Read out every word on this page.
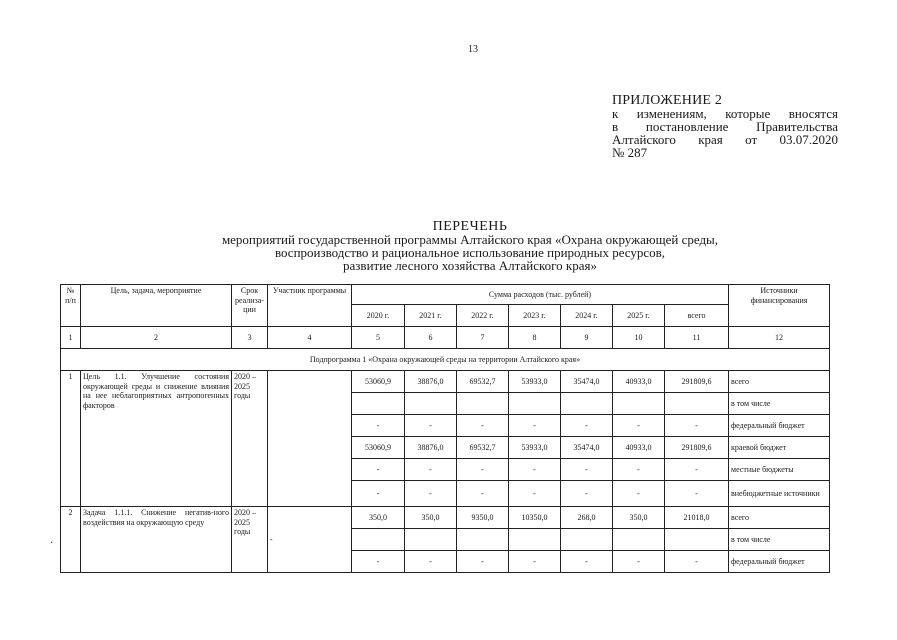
13
ПРИЛОЖЕНИЕ 2
к изменениям, которые вносятся
в постановление Правительства
Алтайского края от 03.07.2020
№ 287
ПЕРЕЧЕНЬ
мероприятий государственной программы Алтайского края «Охрана окружающей среды,
воспроизводство и рациональное использование природных ресурсов,
развитие лесного хозяйства Алтайского края»
№ п/п	Цель, задача, мероприятие	Срок реализа-ции	Участник программы	Сумма расходов (тыс. рублей)							Источники финансирования
				2020 г.	2021 г.	2022 г.	2023 г.	2024 г.	2025 г.	всего	
1	2	3	4	5	6	7	8	9	10	11	12
Подпрограмма 1 «Охрана окружающей среды на территории Алтайского края»											
1	Цель 1.1. Улучшение состояния окружающей среды и снижение влияния на нее неблагоприятных антропогенных факторов	2020 – 2025 годы		53060,9	38876,0	69532,7	53933,0	35474,0	40933,0	291809,6	всего
											в том числе
				-	-	-	-	-	-	-	федеральный бюджет
				53060,9	38876,0	69532,7	53933,0	35474,0	40933,0	291809,6	краевой бюджет
				-	-	-	-	-	-	-	местные бюджеты
				-	-	-	-	-	-	-	внебюджетные источники
2	Задача 1.1.1. Снижение негатив-ного воздействия на окружающую среду	2020 – 2025 годы	-	350,0	350,0	9350,0	10350,0	268,0	350,0	21018,0	всего
											в том числе
				-	-	-	-	-	-	-	федеральный бюджет
·
